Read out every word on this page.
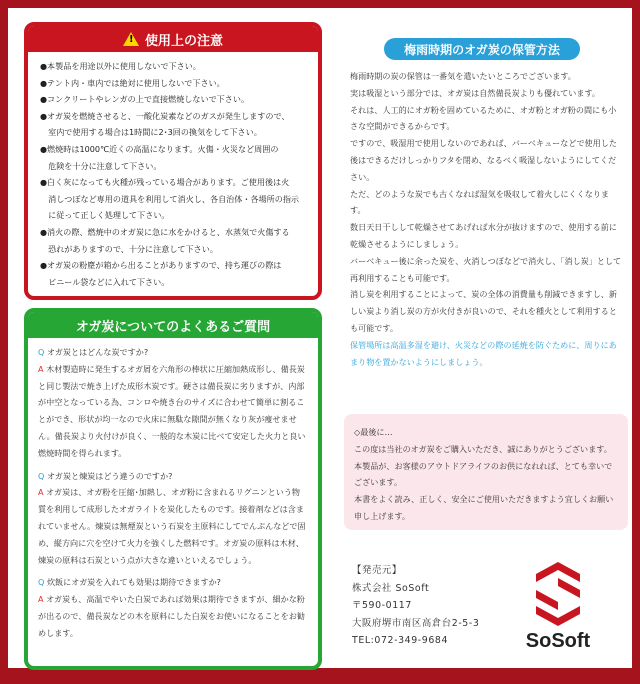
! 使用上の注意
●本製品を用途以外に使用しないで下さい。
●テント内・車内では絶対に使用しないで下さい。
●コンクリートやレンガの上で直接燃焼しないで下さい。
●オガ炭を燃焼させると、一酸化炭素などのガスが発生しますので、
　室内で使用する場合は1時間に2･3回の換気をして下さい。
●燃焼時は1000℃近くの高温になります。火傷・火災など周囲の
　危険を十分に注意して下さい。
●白く灰になっても火種が残っている場合があります。ご使用後は火
　消しつぼなど専用の道具を利用して消火し、各自治体・各場所の指示
　に従って正しく処理して下さい。
●消火の際、燃焼中のオガ炭に急に水をかけると、水蒸気で火傷する
　恐れがありますので、十分に注意して下さい。
●オガ炭の粉塵が箱から出ることがありますので、持ち運びの際は
　ビニール袋などに入れて下さい。
オガ炭についてのよくあるご質問
Q オガ炭とはどんな炭ですか?
A 木材製造時に発生するオガ屑を六角形の棒状に圧縮加熱成形し、備長炭と同じ製法で焼き上げた成形木炭です。硬さは備長炭に劣りますが、内部が中空となっている為、コンロや焼き台のサイズに合わせて簡単に割ることができ、形状が均一なので火床に無駄な隙間が無くなり灰が痩せません。備長炭より火付けが良く、一般的な木炭に比べて安定した火力と良い燃焼時間を得られます。
Q オガ炭と煉炭はどう違うのですか?
A オガ炭は、オガ粉を圧縮･加熱し、オガ粉に含まれるリグニンという物質を利用して成形したオガライトを炭化したものです。接着剤などは含まれていません。煉炭は無煙炭という石炭を主原料にしてでんぷんなどで固め、縦方向に穴を空けて火力を強くした燃料です。オガ炭の原料は木材、煉炭の原料は石炭という点が大きな違いといえるでしょう。
Q 炊飯にオガ炭を入れても効果は期待できますか?
A オガ炭も、高温でやいた白炭であれば効果は期待できますが、細かな粉が出るので、備長炭などの木を原料にした白炭をお使いになることをお勧めします。
梅雨時期のオガ炭の保管方法

梅雨時期の炭の保管は一番気を遣いたいところでございます。

実は吸湿という部分では、オガ炭は自然備長炭よりも優れています。

それは、人工的にオガ粉を固めているために、オガ粉とオガ粉の間にも小さな空間ができるからです。

ですので、吸湿用で使用しないのであれば、バーベキューなどで使用した後はできるだけしっかりフタを閉め、なるべく吸湿しないようにしてください。

ただ、どのような炭でも古くなれば湿気を吸収して着火しにくくなります。

数日天日干しして乾燥させてあげれば水分が抜けますので、使用する前に乾燥させるようにしましょう。

バーベキュー後に余った炭を、火消しつぼなどで消火し、「消し炭」として再利用することも可能です。

消し炭を利用することによって、炭の全体の消費量も削減できますし、新しい炭より消し炭の方が火付きが良いので、それを種火として利用するとも可能です。

保管場所は高温多湿を避け、火災などの際の延焼を防ぐために、周りにあまり物を置かないようにしましょう。

◇最後に…

この度は当社のオガ炭をご購入いただき、誠にありがとうございます。

本製品が、お客様のアウトドアライフのお供になれれば、とても幸いでございます。

本書をよく読み、正しく、安全にご使用いただきますよう宜しくお願い申し上げます。

【発売元】

株式会社 SoSoft

〒590-0117

大阪府堺市南区高倉台2-5-3

TEL:072-349-9684	SoSoft
